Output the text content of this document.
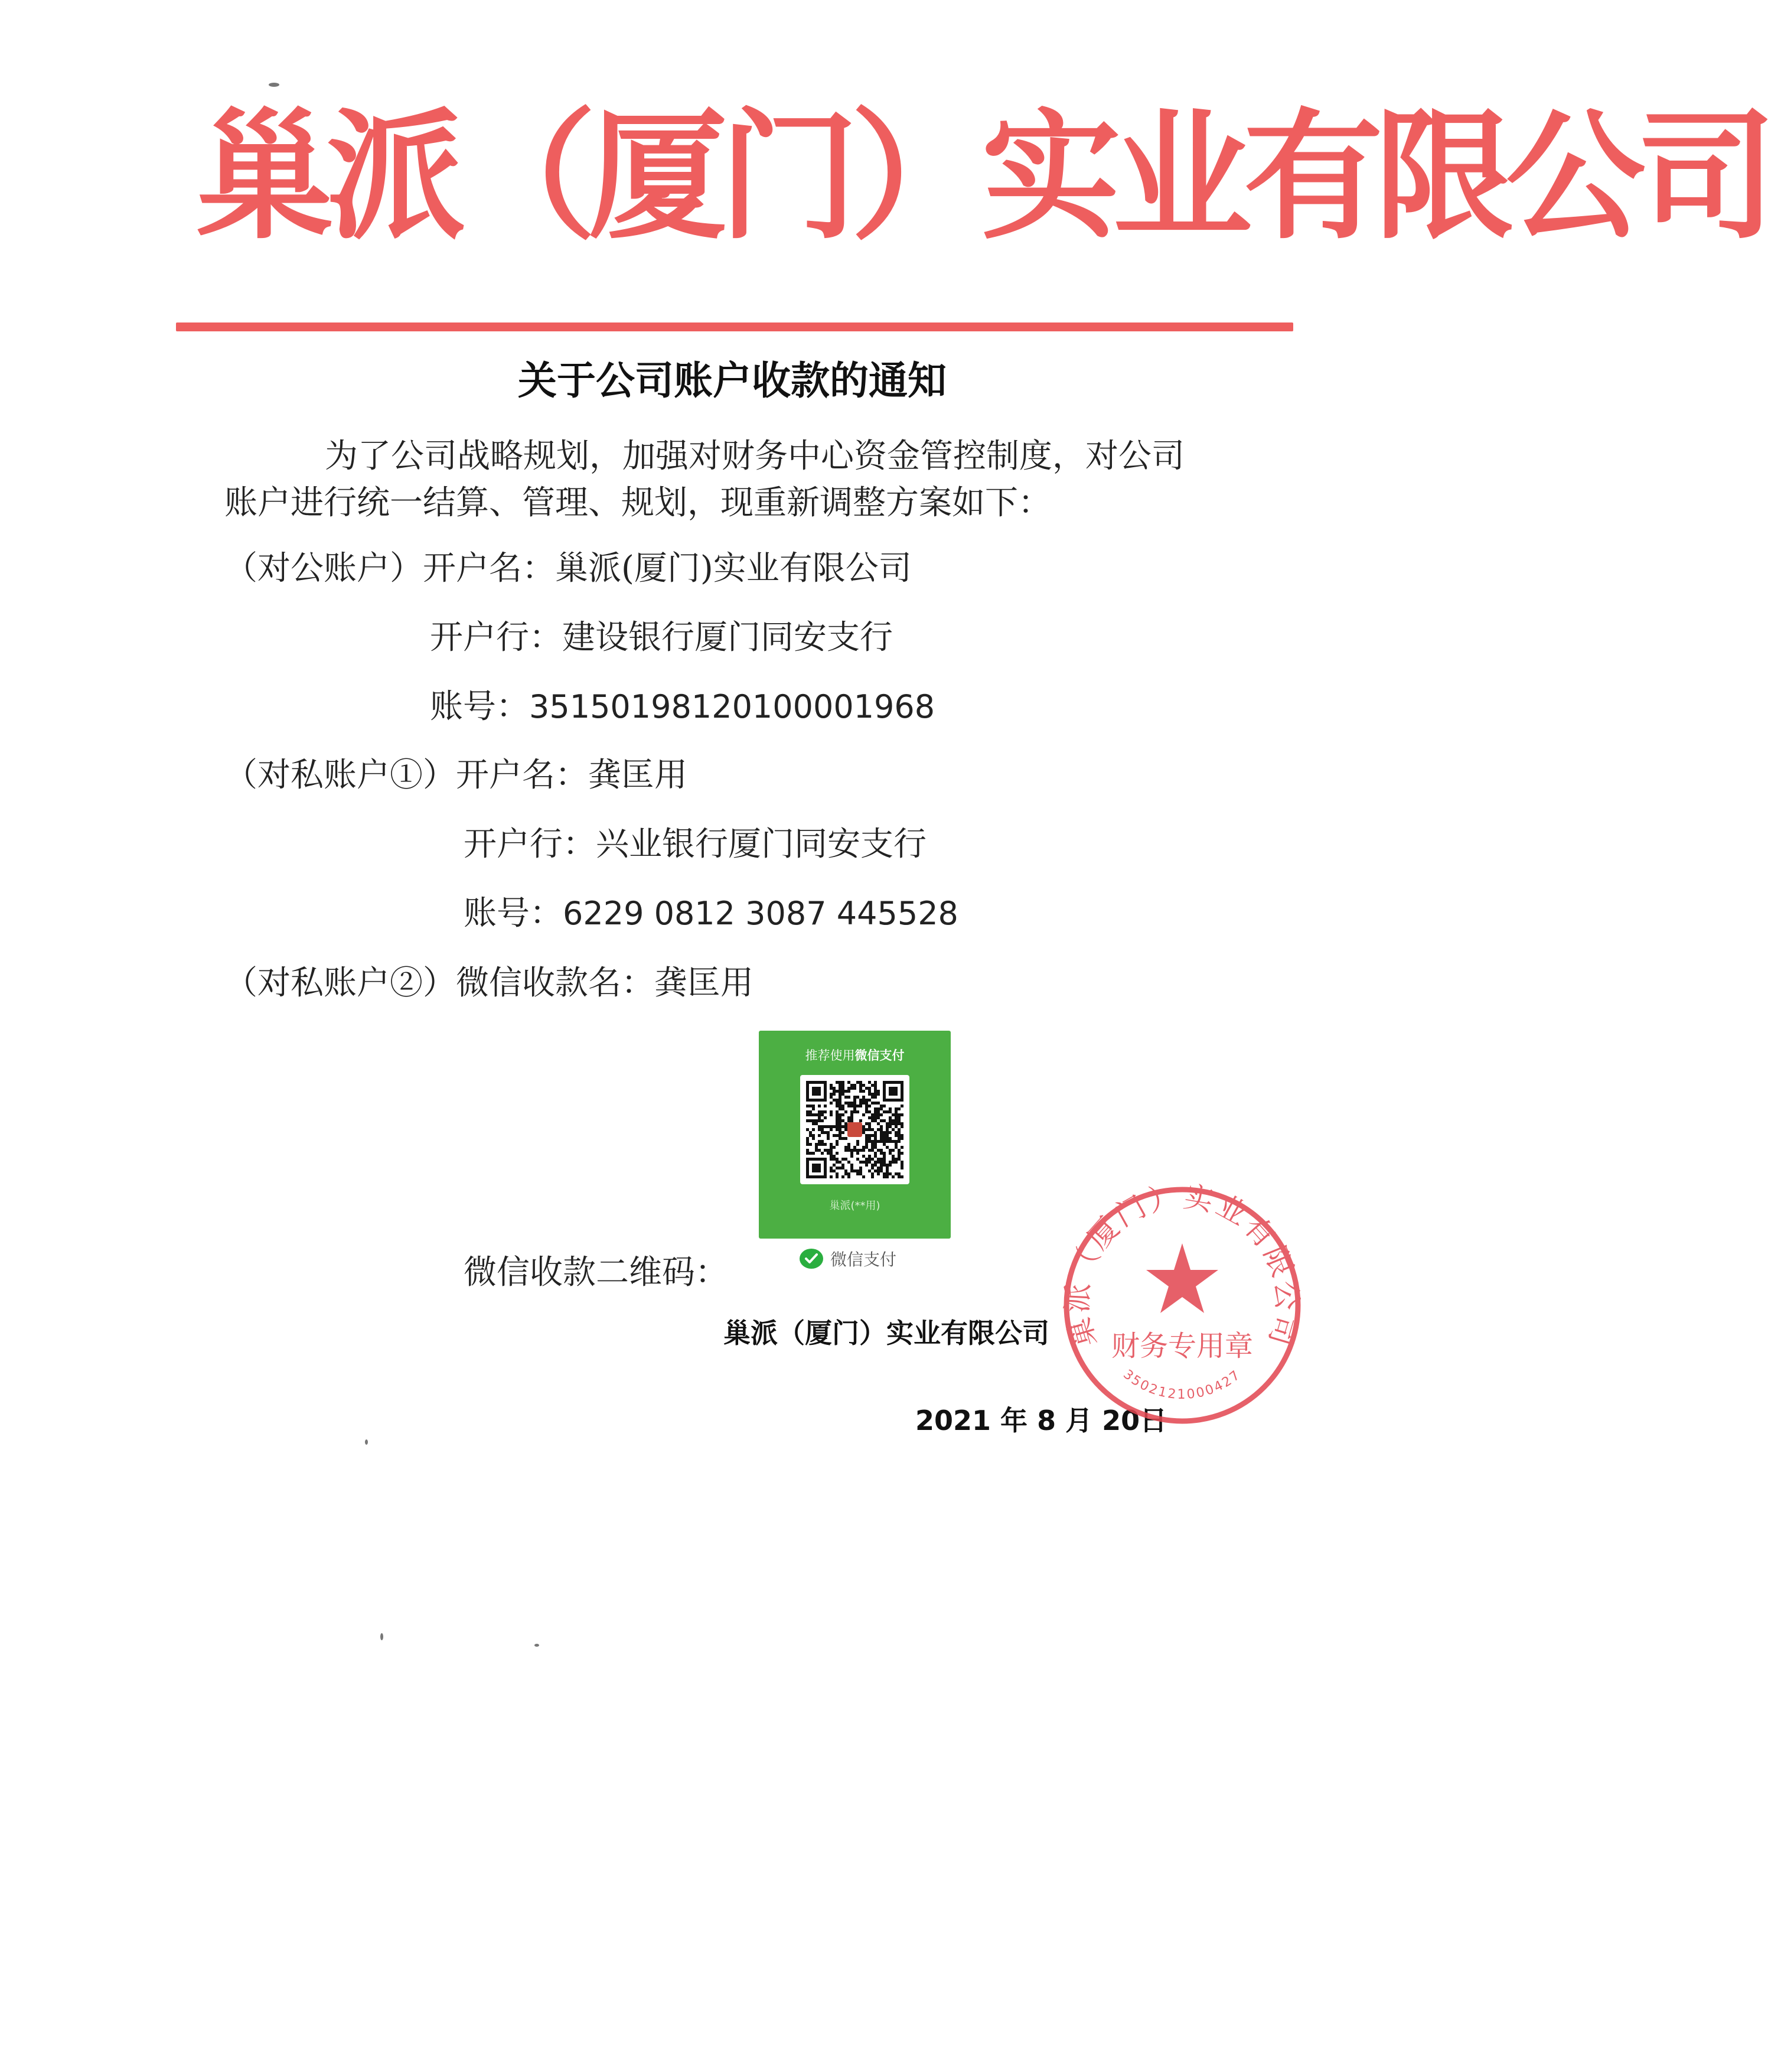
巢派（厦门）实业有限公司
关于公司账户收款的通知
为了公司战略规划，加强对财务中心资金管控制度，对公司
账户进行统一结算、管理、规划，现重新调整方案如下：
（对公账户）开户名：巢派(厦门)实业有限公司
开户行：建设银行厦门同安支行
账号：35150198120100001968
（对私账户①）开户名：龚匡用
开户行：兴业银行厦门同安支行
账号：6229 0812 3087 445528
（对私账户②）微信收款名：龚匡用
推荐使用微信支付
巢派(**用)
微信支付
微信收款二维码：
巢派（厦门）实业有限公司
2021 年 8 月 20日
巢派（厦门）实业有限公司
财务专用章
3502121000427
